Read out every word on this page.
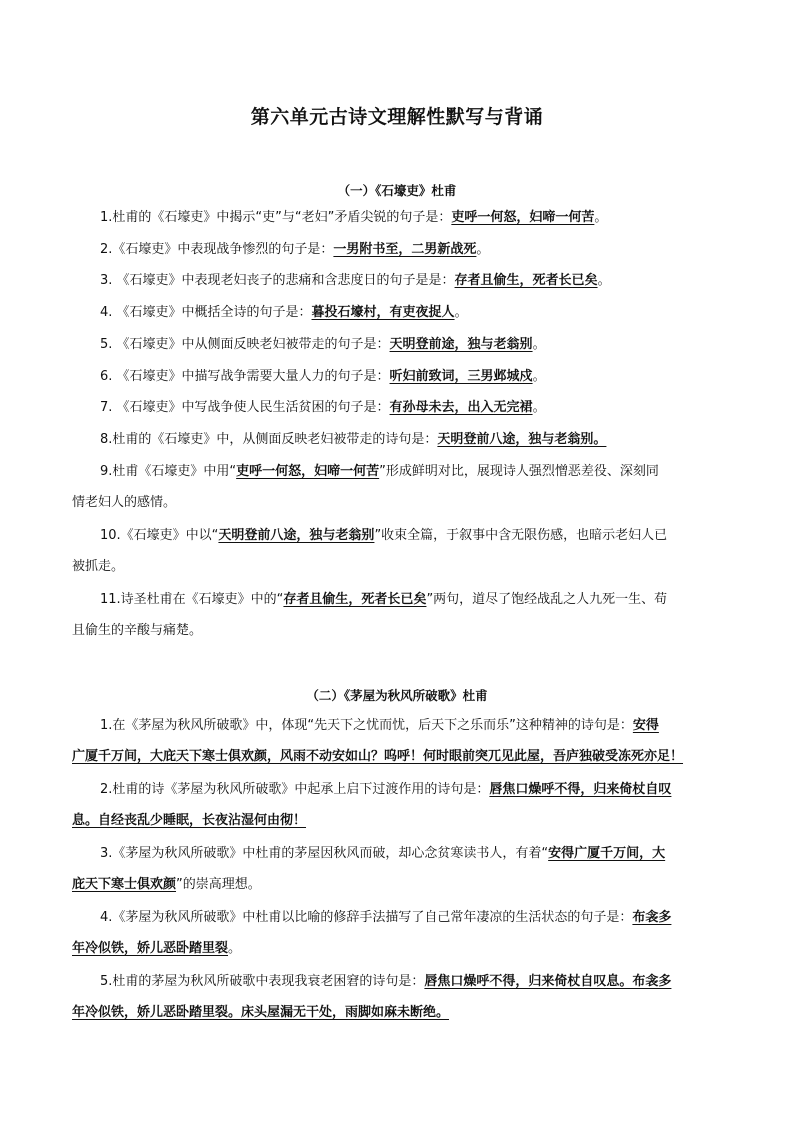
第六单元古诗文理解性默写与背诵
（一）《石壕吏》杜甫
1.杜甫的《石壕吏》中揭示“吏”与“老妇”矛盾尖锐的句子是：吏呼一何怒，妇啼一何苦。
2.《石壕吏》中表现战争惨烈的句子是：一男附书至，二男新战死。
3. 《石壕吏》中表现老妇丧子的悲痛和含悲度日的句子是是：存者且偷生，死者长已矣。
4. 《石壕吏》中概括全诗的句子是：暮投石壕村，有吏夜捉人。
5. 《石壕吏》中从侧面反映老妇被带走的句子是：天明登前途，独与老翁别。
6. 《石壕吏》中描写战争需要大量人力的句子是：听妇前致词，三男邺城戍。
7. 《石壕吏》中写战争使人民生活贫困的句子是：有孙母未去，出入无完裙。
8.杜甫的《石壕吏》中，从侧面反映老妇被带走的诗句是：天明登前八途，独与老翁别。
9.杜甫《石壕吏》中用“吏呼一何怒，妇啼一何苦”形成鲜明对比，展现诗人强烈憎恶差役、深刻同
情老妇人的感情。
10.《石壕吏》中以“天明登前八途，独与老翁别”收束全篇，于叙事中含无限伤感，也暗示老妇人已
被抓走。
11.诗圣杜甫在《石壕吏》中的“存者且偷生，死者长已矣”两句，道尽了饱经战乱之人九死一生、苟
且偷生的辛酸与痛楚。
（二）《茅屋为秋风所破歌》杜甫
1.在《茅屋为秋风所破歌》中，体现“先天下之忧而忧，后天下之乐而乐”这种精神的诗句是：安得
广厦千万间，大庇天下寒士俱欢颜，风雨不动安如山？呜呼！何时眼前突兀见此屋，吾庐独破受冻死亦足！
2.杜甫的诗《茅屋为秋风所破歌》中起承上启下过渡作用的诗句是：唇焦口燥呼不得，归来倚杖自叹
息。自经丧乱少睡眠，长夜沾湿何由彻！
3.《茅屋为秋风所破歌》中杜甫的茅屋因秋风而破，却心念贫寒读书人，有着“安得广厦千万间，大
庇天下寒士俱欢颜”的崇高理想。
4.《茅屋为秋风所破歌》中杜甫以比喻的修辞手法描写了自己常年凄凉的生活状态的句子是：布衾多
年冷似铁，娇儿恶卧踏里裂。
5.杜甫的茅屋为秋风所破歌中表现我衰老困窘的诗句是：唇焦口燥呼不得，归来倚杖自叹息。布衾多
年冷似铁，娇儿恶卧踏里裂。床头屋漏无干处，雨脚如麻未断绝。
